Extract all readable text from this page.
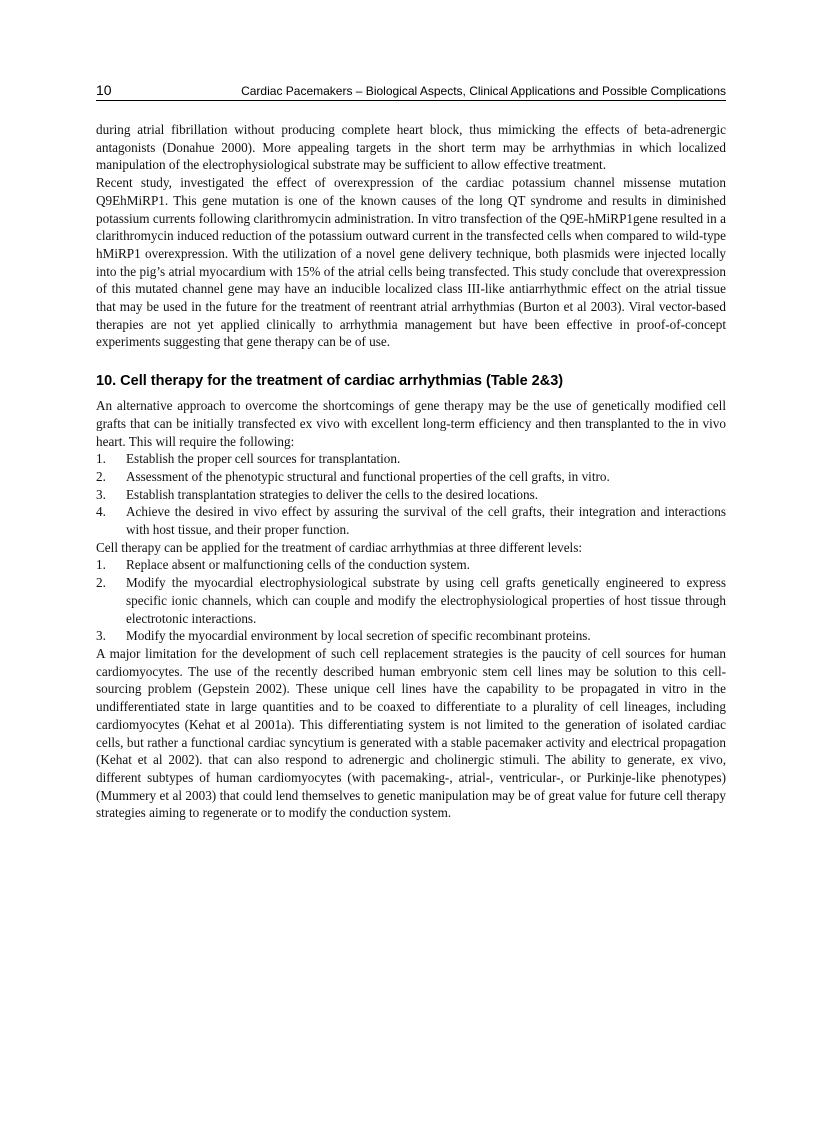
10	Cardiac Pacemakers – Biological Aspects, Clinical Applications and Possible Complications

during atrial fibrillation without producing complete heart block, thus mimicking the effects of beta-adrenergic antagonists (Donahue 2000). More appealing targets in the short term may be arrhythmias in which localized manipulation of the electrophysiological substrate may be sufficient to allow effective treatment.

Recent study, investigated the effect of overexpression of the cardiac potassium channel missense mutation Q9EhMiRP1. This gene mutation is one of the known causes of the long QT syndrome and results in diminished potassium currents following clarithromycin administration. In vitro transfection of the Q9E-hMiRP1gene resulted in a clarithromycin induced reduction of the potassium outward current in the transfected cells when compared to wild-type hMiRP1 overexpression. With the utilization of a novel gene delivery technique, both plasmids were injected locally into the pig’s atrial myocardium with 15% of the atrial cells being transfected. This study conclude that overexpression of this mutated channel gene may have an inducible localized class III-like antiarrhythmic effect on the atrial tissue that may be used in the future for the treatment of reentrant atrial arrhythmias (Burton et al 2003). Viral vector-based therapies are not yet applied clinically to arrhythmia management but have been effective in proof-of-concept experiments suggesting that gene therapy can be of use.

10. Cell therapy for the treatment of cardiac arrhythmias (Table 2&3)

An alternative approach to overcome the shortcomings of gene therapy may be the use of genetically modified cell grafts that can be initially transfected ex vivo with excellent long-term efficiency and then transplanted to the in vivo heart. This will require the following:

1. Establish the proper cell sources for transplantation.
2. Assessment of the phenotypic structural and functional properties of the cell grafts, in vitro.
3. Establish transplantation strategies to deliver the cells to the desired locations.
4. Achieve the desired in vivo effect by assuring the survival of the cell grafts, their integration and interactions with host tissue, and their proper function.

Cell therapy can be applied for the treatment of cardiac arrhythmias at three different levels:

1. Replace absent or malfunctioning cells of the conduction system.
2. Modify the myocardial electrophysiological substrate by using cell grafts genetically engineered to express specific ionic channels, which can couple and modify the electrophysiological properties of host tissue through electrotonic interactions.
3. Modify the myocardial environment by local secretion of specific recombinant proteins.

A major limitation for the development of such cell replacement strategies is the paucity of cell sources for human cardiomyocytes. The use of the recently described human embryonic stem cell lines may be solution to this cell-sourcing problem (Gepstein 2002). These unique cell lines have the capability to be propagated in vitro in the undifferentiated state in large quantities and to be coaxed to differentiate to a plurality of cell lineages, including cardiomyocytes (Kehat et al 2001a). This differentiating system is not limited to the generation of isolated cardiac cells, but rather a functional cardiac syncytium is generated with a stable pacemaker activity and electrical propagation (Kehat et al 2002). that can also respond to adrenergic and cholinergic stimuli. The ability to generate, ex vivo, different subtypes of human cardiomyocytes (with pacemaking-, atrial-, ventricular-, or Purkinje-like phenotypes) (Mummery et al 2003) that could lend themselves to genetic manipulation may be of great value for future cell therapy strategies aiming to regenerate or to modify the conduction system.
